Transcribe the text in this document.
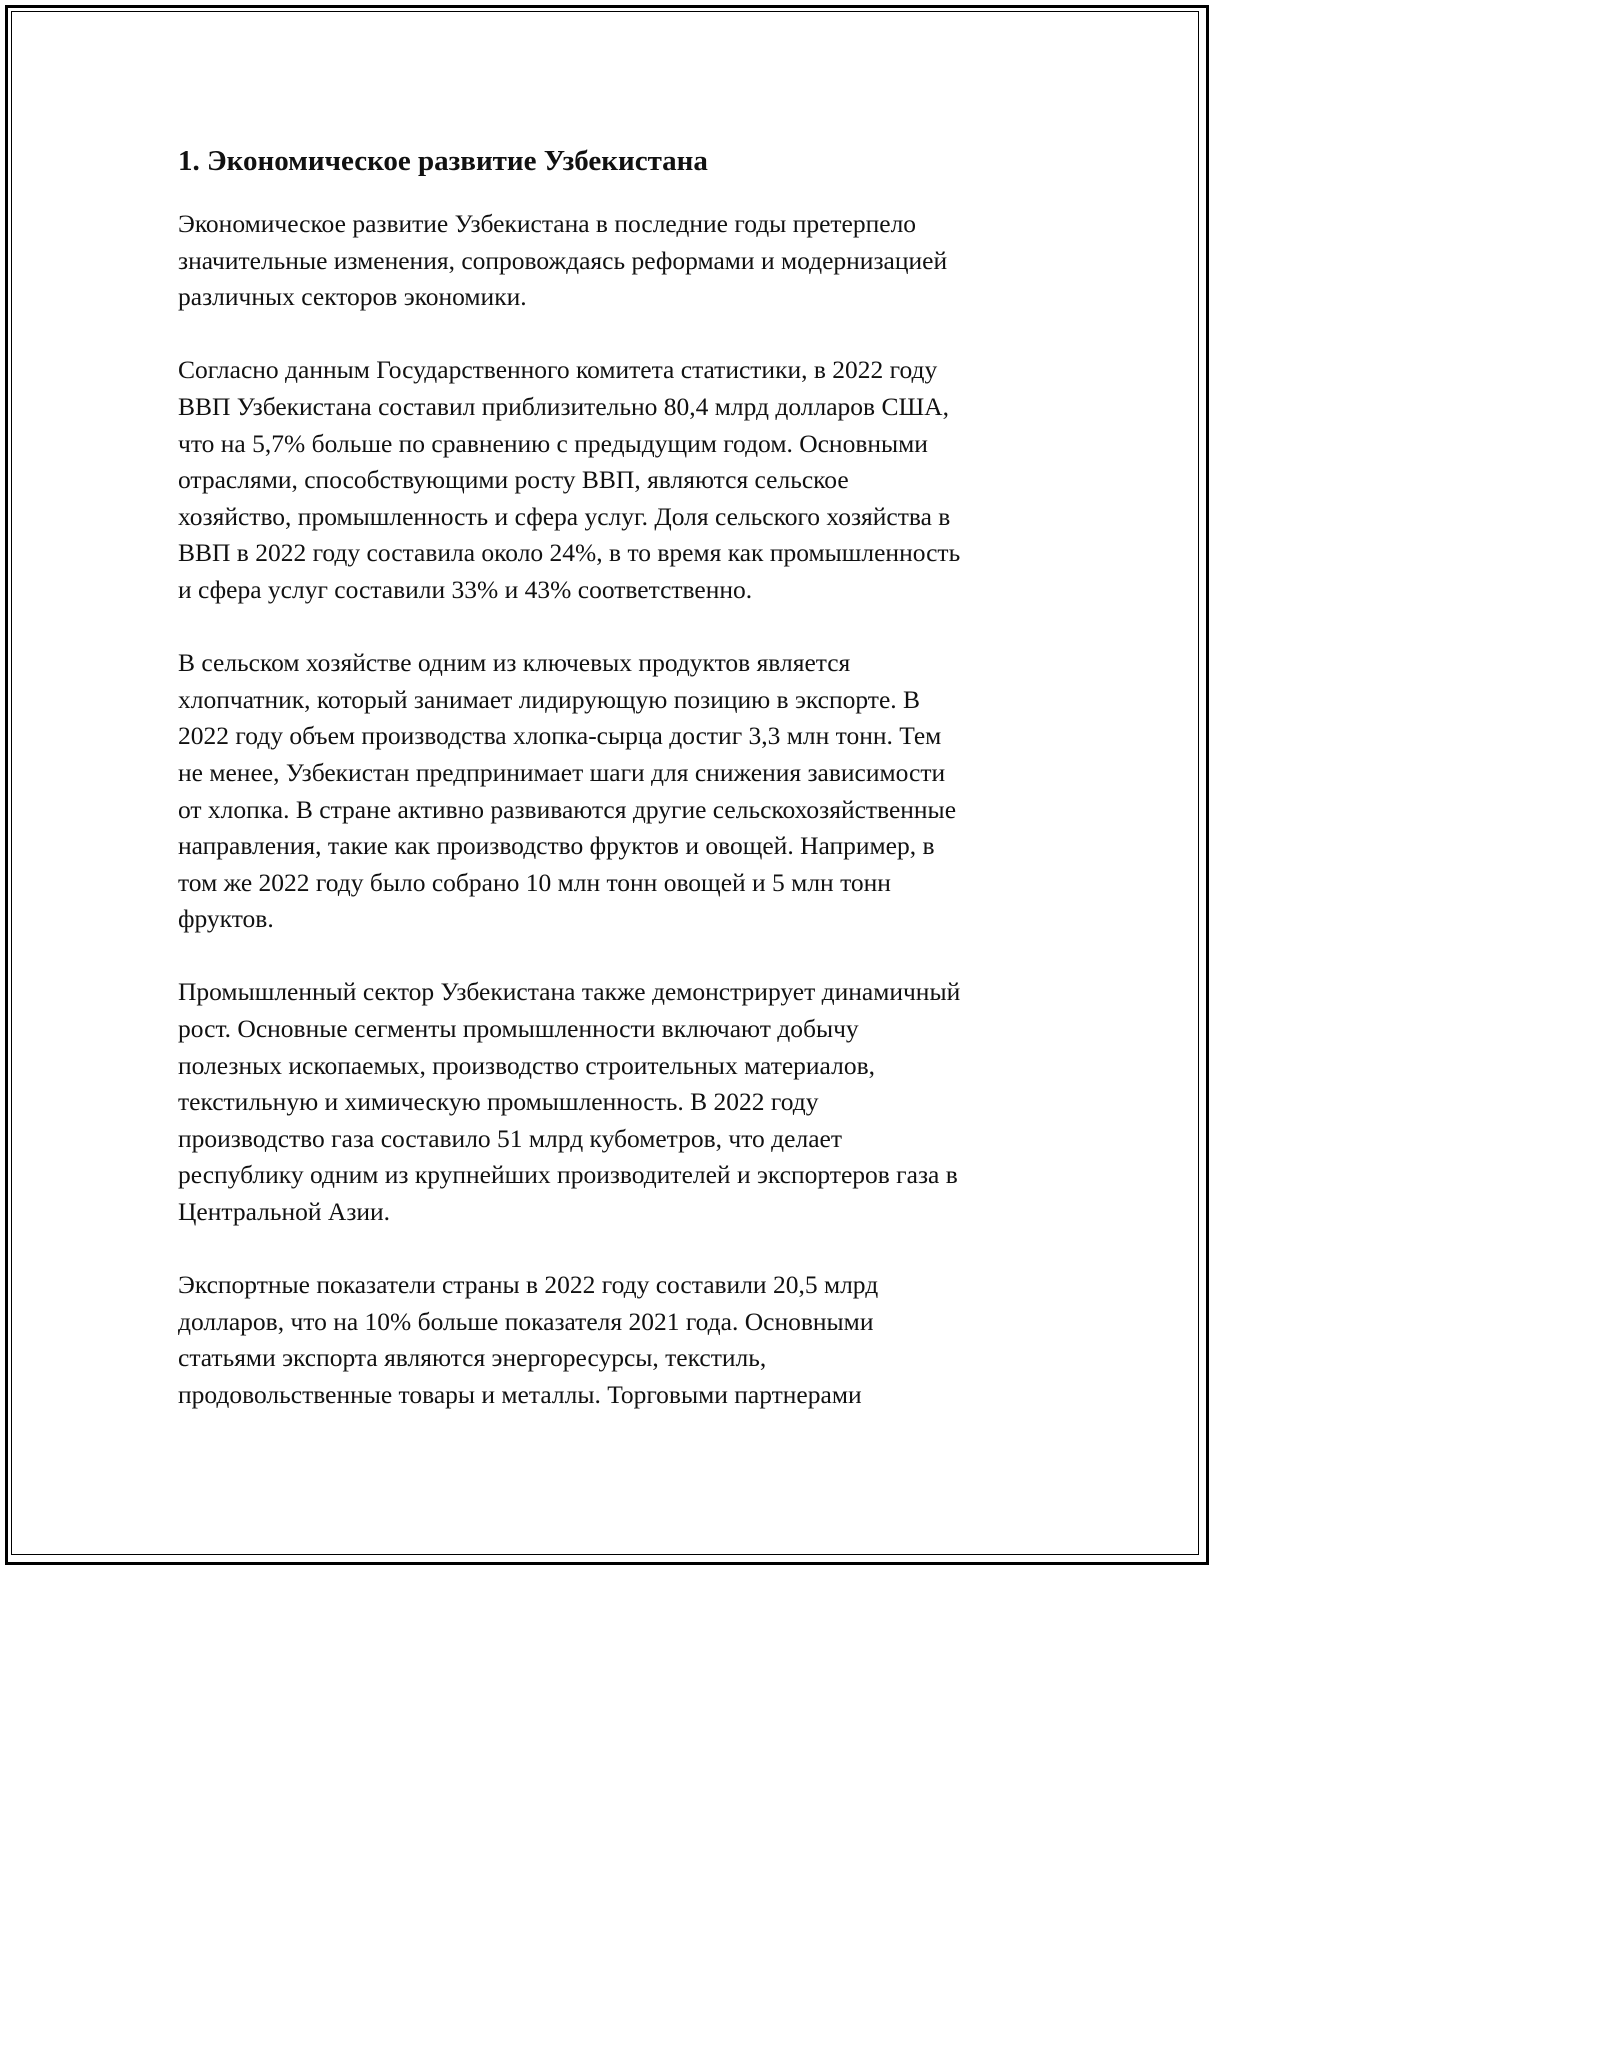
1. Экономическое развитие Узбекистана

Экономическое развитие Узбекистана в последние годы претерпело
значительные изменения, сопровождаясь реформами и модернизацией
различных секторов экономики.

Согласно данным Государственного комитета статистики, в 2022 году
ВВП Узбекистана составил приблизительно 80,4 млрд долларов США,
что на 5,7% больше по сравнению с предыдущим годом. Основными
отраслями, способствующими росту ВВП, являются сельское
хозяйство, промышленность и сфера услуг. Доля сельского хозяйства в
ВВП в 2022 году составила около 24%, в то время как промышленность
и сфера услуг составили 33% и 43% соответственно.

В сельском хозяйстве одним из ключевых продуктов является
хлопчатник, который занимает лидирующую позицию в экспорте. В
2022 году объем производства хлопка-сырца достиг 3,3 млн тонн. Тем
не менее, Узбекистан предпринимает шаги для снижения зависимости
от хлопка. В стране активно развиваются другие сельскохозяйственные
направления, такие как производство фруктов и овощей. Например, в
том же 2022 году было собрано 10 млн тонн овощей и 5 млн тонн
фруктов.

Промышленный сектор Узбекистана также демонстрирует динамичный
рост. Основные сегменты промышленности включают добычу
полезных ископаемых, производство строительных материалов,
текстильную и химическую промышленность. В 2022 году
производство газа составило 51 млрд кубометров, что делает
республику одним из крупнейших производителей и экспортеров газа в
Центральной Азии.

Экспортные показатели страны в 2022 году составили 20,5 млрд
долларов, что на 10% больше показателя 2021 года. Основными
статьями экспорта являются энергоресурсы, текстиль,
продовольственные товары и металлы. Торговыми партнерами
